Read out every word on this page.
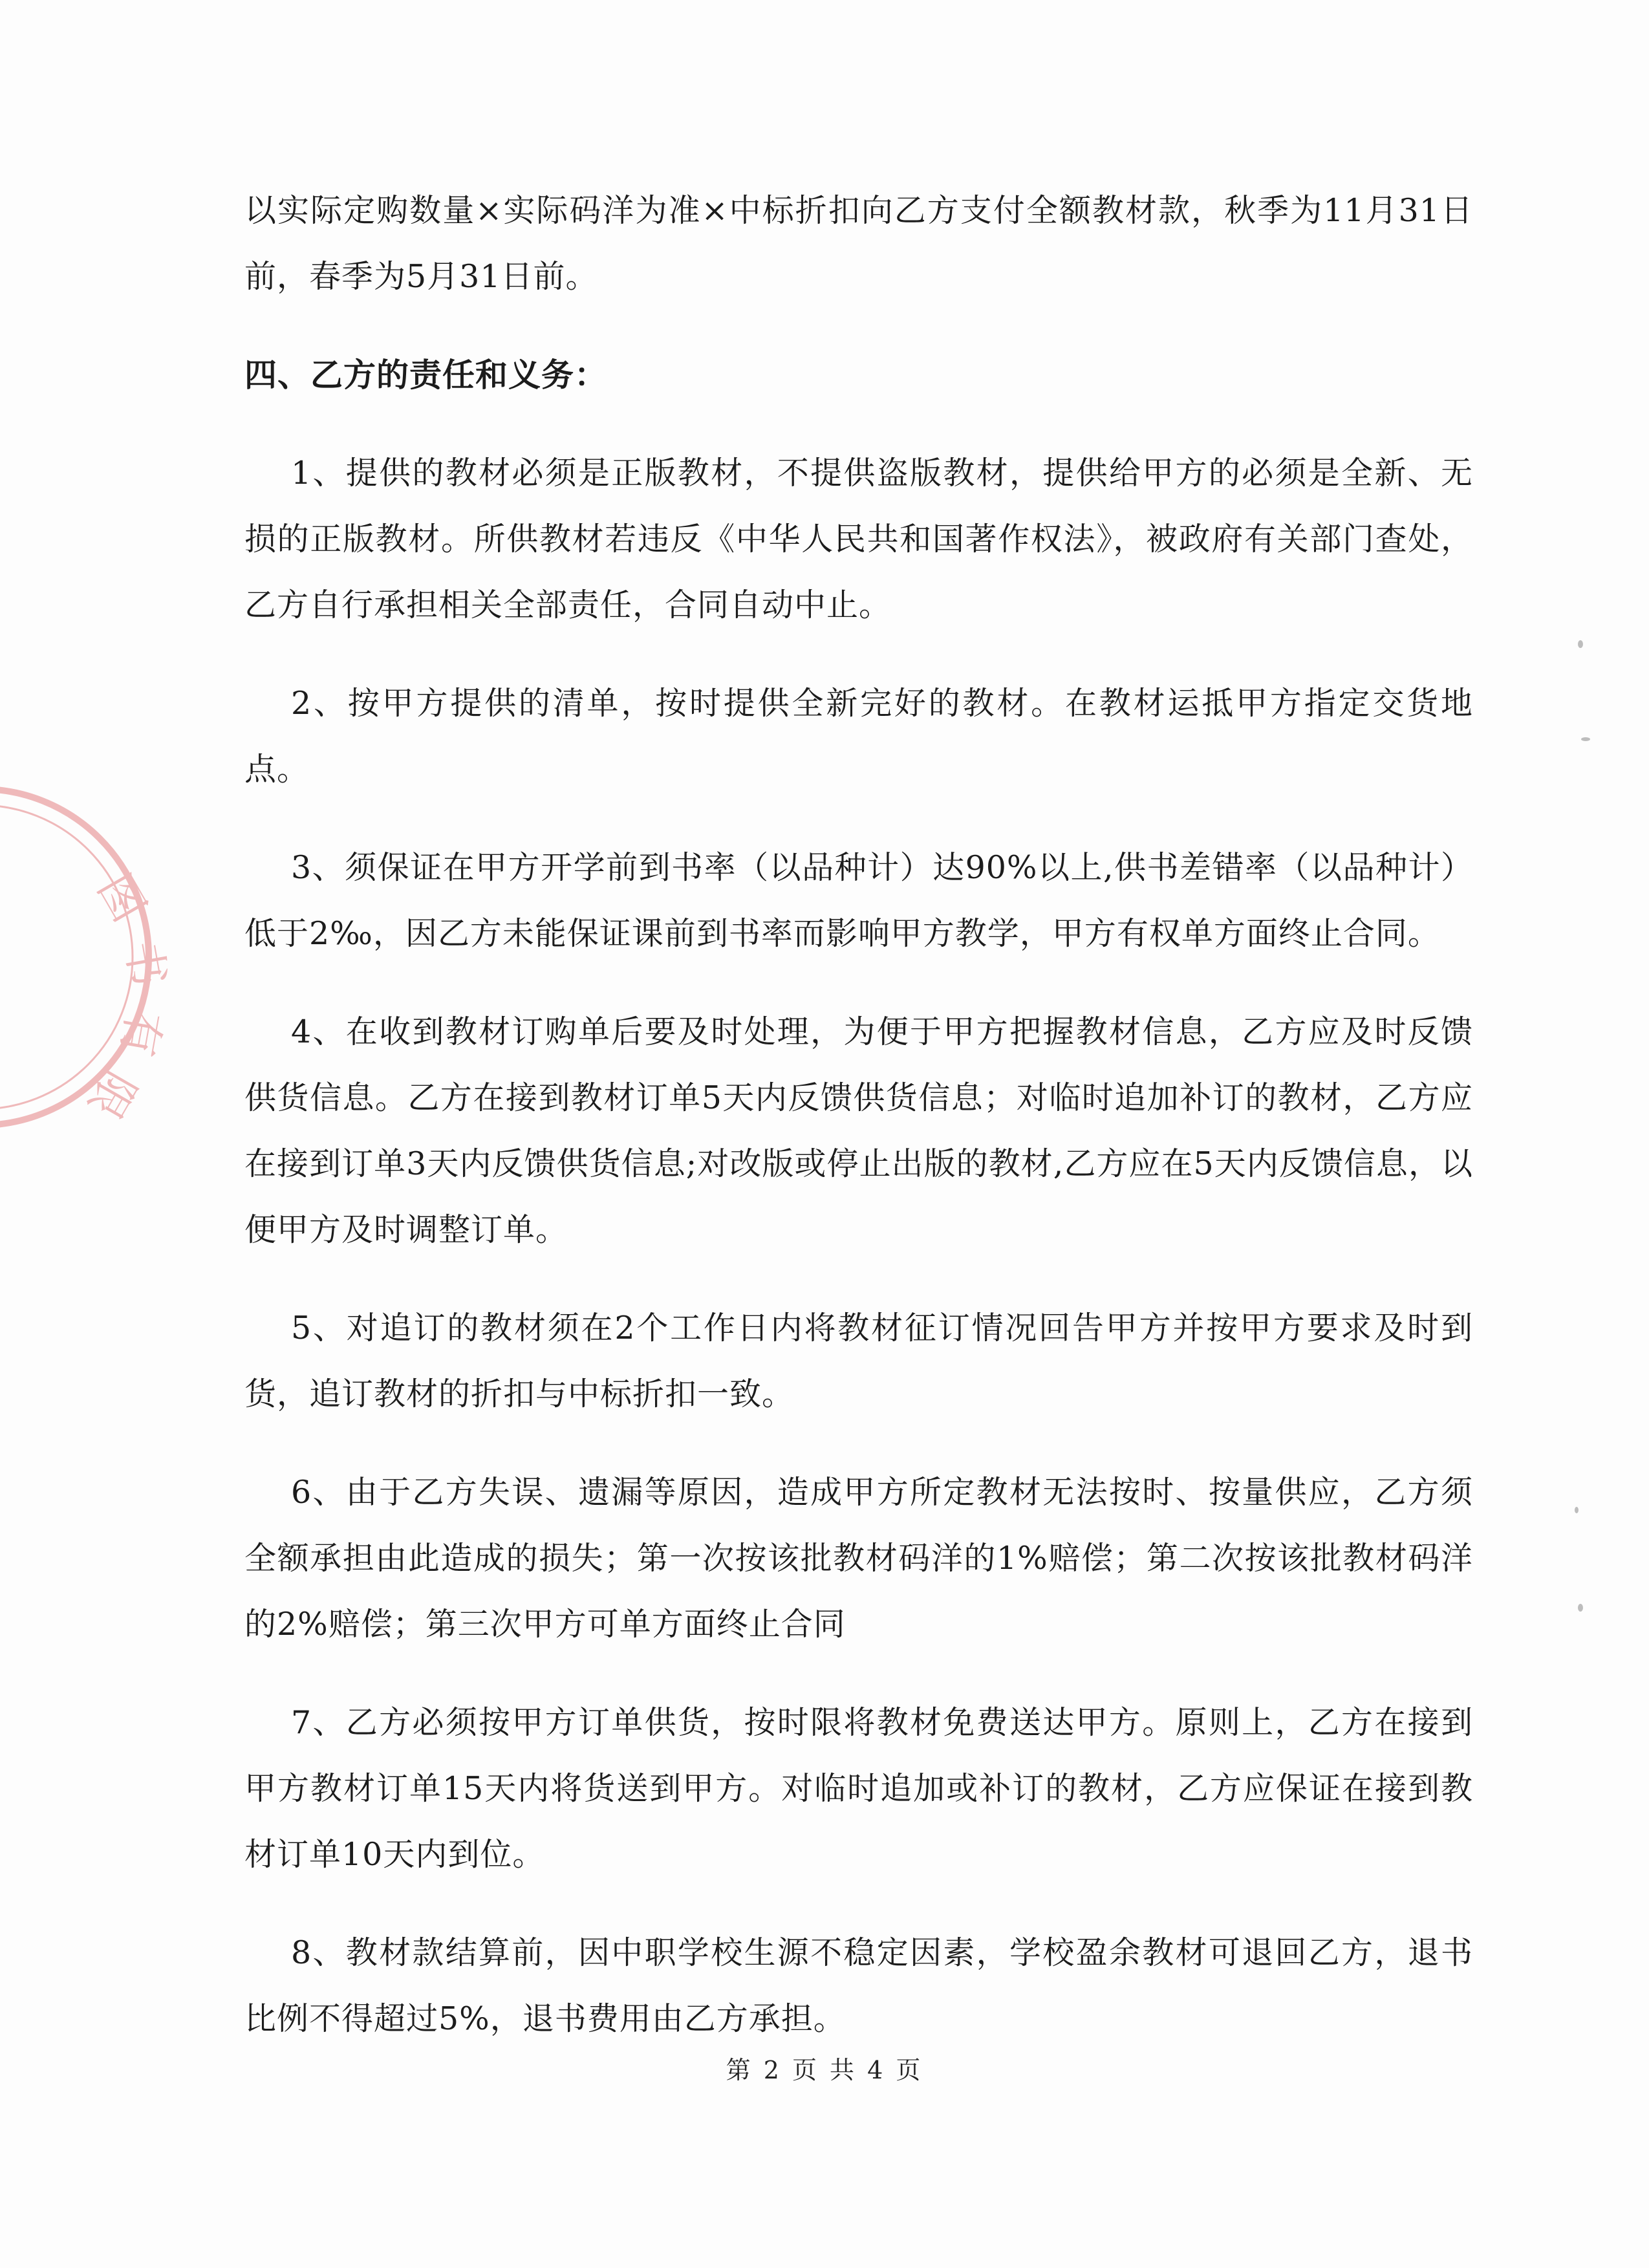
图
书
有
限

以实际定购数量×实际码洋为准×中标折扣向乙方支付全额教材款，秋季为11月31日前，春季为5月31日前。

四、乙方的责任和义务：

1、提供的教材必须是正版教材，不提供盗版教材，提供给甲方的必须是全新、无损的正版教材。所供教材若违反《中华人民共和国著作权法》，被政府有关部门查处，乙方自行承担相关全部责任，合同自动中止。

2、按甲方提供的清单，按时提供全新完好的教材。在教材运抵甲方指定交货地点。

3、须保证在甲方开学前到书率（以品种计）达90%以上,供书差错率（以品种计）低于2‰，因乙方未能保证课前到书率而影响甲方教学，甲方有权单方面终止合同。

4、在收到教材订购单后要及时处理，为便于甲方把握教材信息，乙方应及时反馈供货信息。乙方在接到教材订单5天内反馈供货信息；对临时追加补订的教材，乙方应在接到订单3天内反馈供货信息;对改版或停止出版的教材,乙方应在5天内反馈信息，以便甲方及时调整订单。

5、对追订的教材须在2个工作日内将教材征订情况回告甲方并按甲方要求及时到货，追订教材的折扣与中标折扣一致。

6、由于乙方失误、遗漏等原因，造成甲方所定教材无法按时、按量供应，乙方须全额承担由此造成的损失；第一次按该批教材码洋的1%赔偿；第二次按该批教材码洋的2%赔偿；第三次甲方可单方面终止合同

7、乙方必须按甲方订单供货，按时限将教材免费送达甲方。原则上，乙方在接到甲方教材订单15天内将货送到甲方。对临时追加或补订的教材，乙方应保证在接到教材订单10天内到位。

8、教材款结算前，因中职学校生源不稳定因素，学校盈余教材可退回乙方，退书比例不得超过5%，退书费用由乙方承担。

第 2 页 共 4 页
